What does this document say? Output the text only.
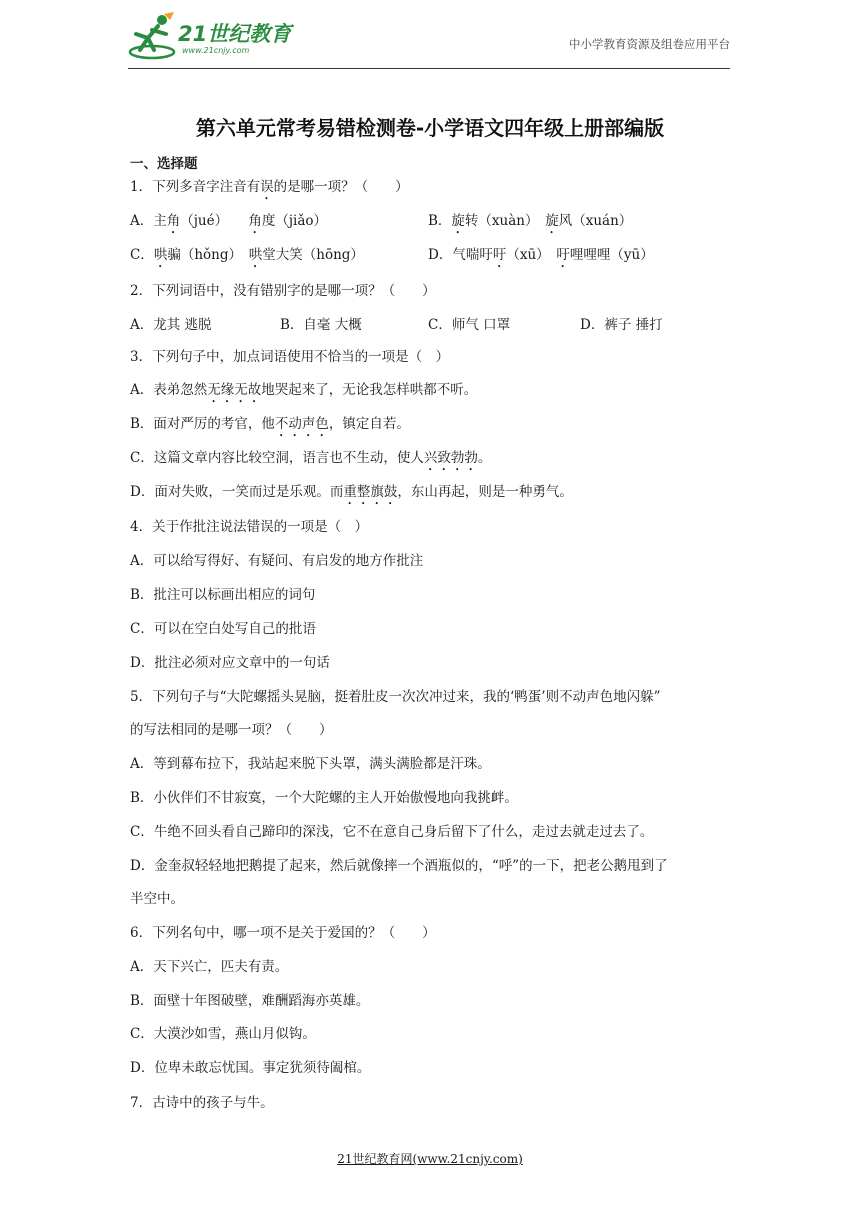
21世纪教育
www.21cnjy.com	中小学教育资源及组卷应用平台
第六单元常考易错检测卷-小学语文四年级上册部编版
一、选择题
1．下列多音字注音有误的是哪一项？（　　）
A．主角（jué）　　角度（jiǎo）	B．旋转（xuàn）　旋风（xuán）
C．哄骗（hǒng）　哄堂大笑（hōng）	D．气喘吁吁（xū）　吁哩哩哩（yū）
2．下列词语中，没有错别字的是哪一项？（　　）
A．龙其 逃脱	B．自毫 大概	C．师气 口罩	D．裤子 捶打
3．下列句子中，加点词语使用不恰当的一项是（　）
A．表弟忽然无缘无故地哭起来了，无论我怎样哄都不听。
B．面对严厉的考官，他不动声色，镇定自若。
C．这篇文章内容比较空洞，语言也不生动，使人兴致勃勃。
D．面对失败，一笑而过是乐观。而重整旗鼓，东山再起，则是一种勇气。
4．关于作批注说法错误的一项是（　）
A．可以给写得好、有疑问、有启发的地方作批注
B．批注可以标画出相应的词句
C．可以在空白处写自己的批语
D．批注必须对应文章中的一句话
5．下列句子与“大陀螺摇头晃脑，挺着肚皮一次次冲过来，我的‘鸭蛋’则不动声色地闪躲”
的写法相同的是哪一项？（　　）
A．等到幕布拉下，我站起来脱下头罩，满头满脸都是汗珠。
B．小伙伴们不甘寂寞，一个大陀螺的主人开始傲慢地向我挑衅。
C．牛绝不回头看自己蹄印的深浅，它不在意自己身后留下了什么，走过去就走过去了。
D．金奎叔轻轻地把鹅提了起来，然后就像摔一个酒瓶似的，“呼”的一下，把老公鹅甩到了
半空中。
6．下列名句中，哪一项不是关于爱国的？（　　）
A．天下兴亡，匹夫有责。
B．面壁十年图破壁，难酬蹈海亦英雄。
C．大漠沙如雪，燕山月似钩。
D．位卑未敢忘忧国。事定犹须待阖棺。
7．古诗中的孩子与牛。
21世纪教育网(www.21cnjy.com)
